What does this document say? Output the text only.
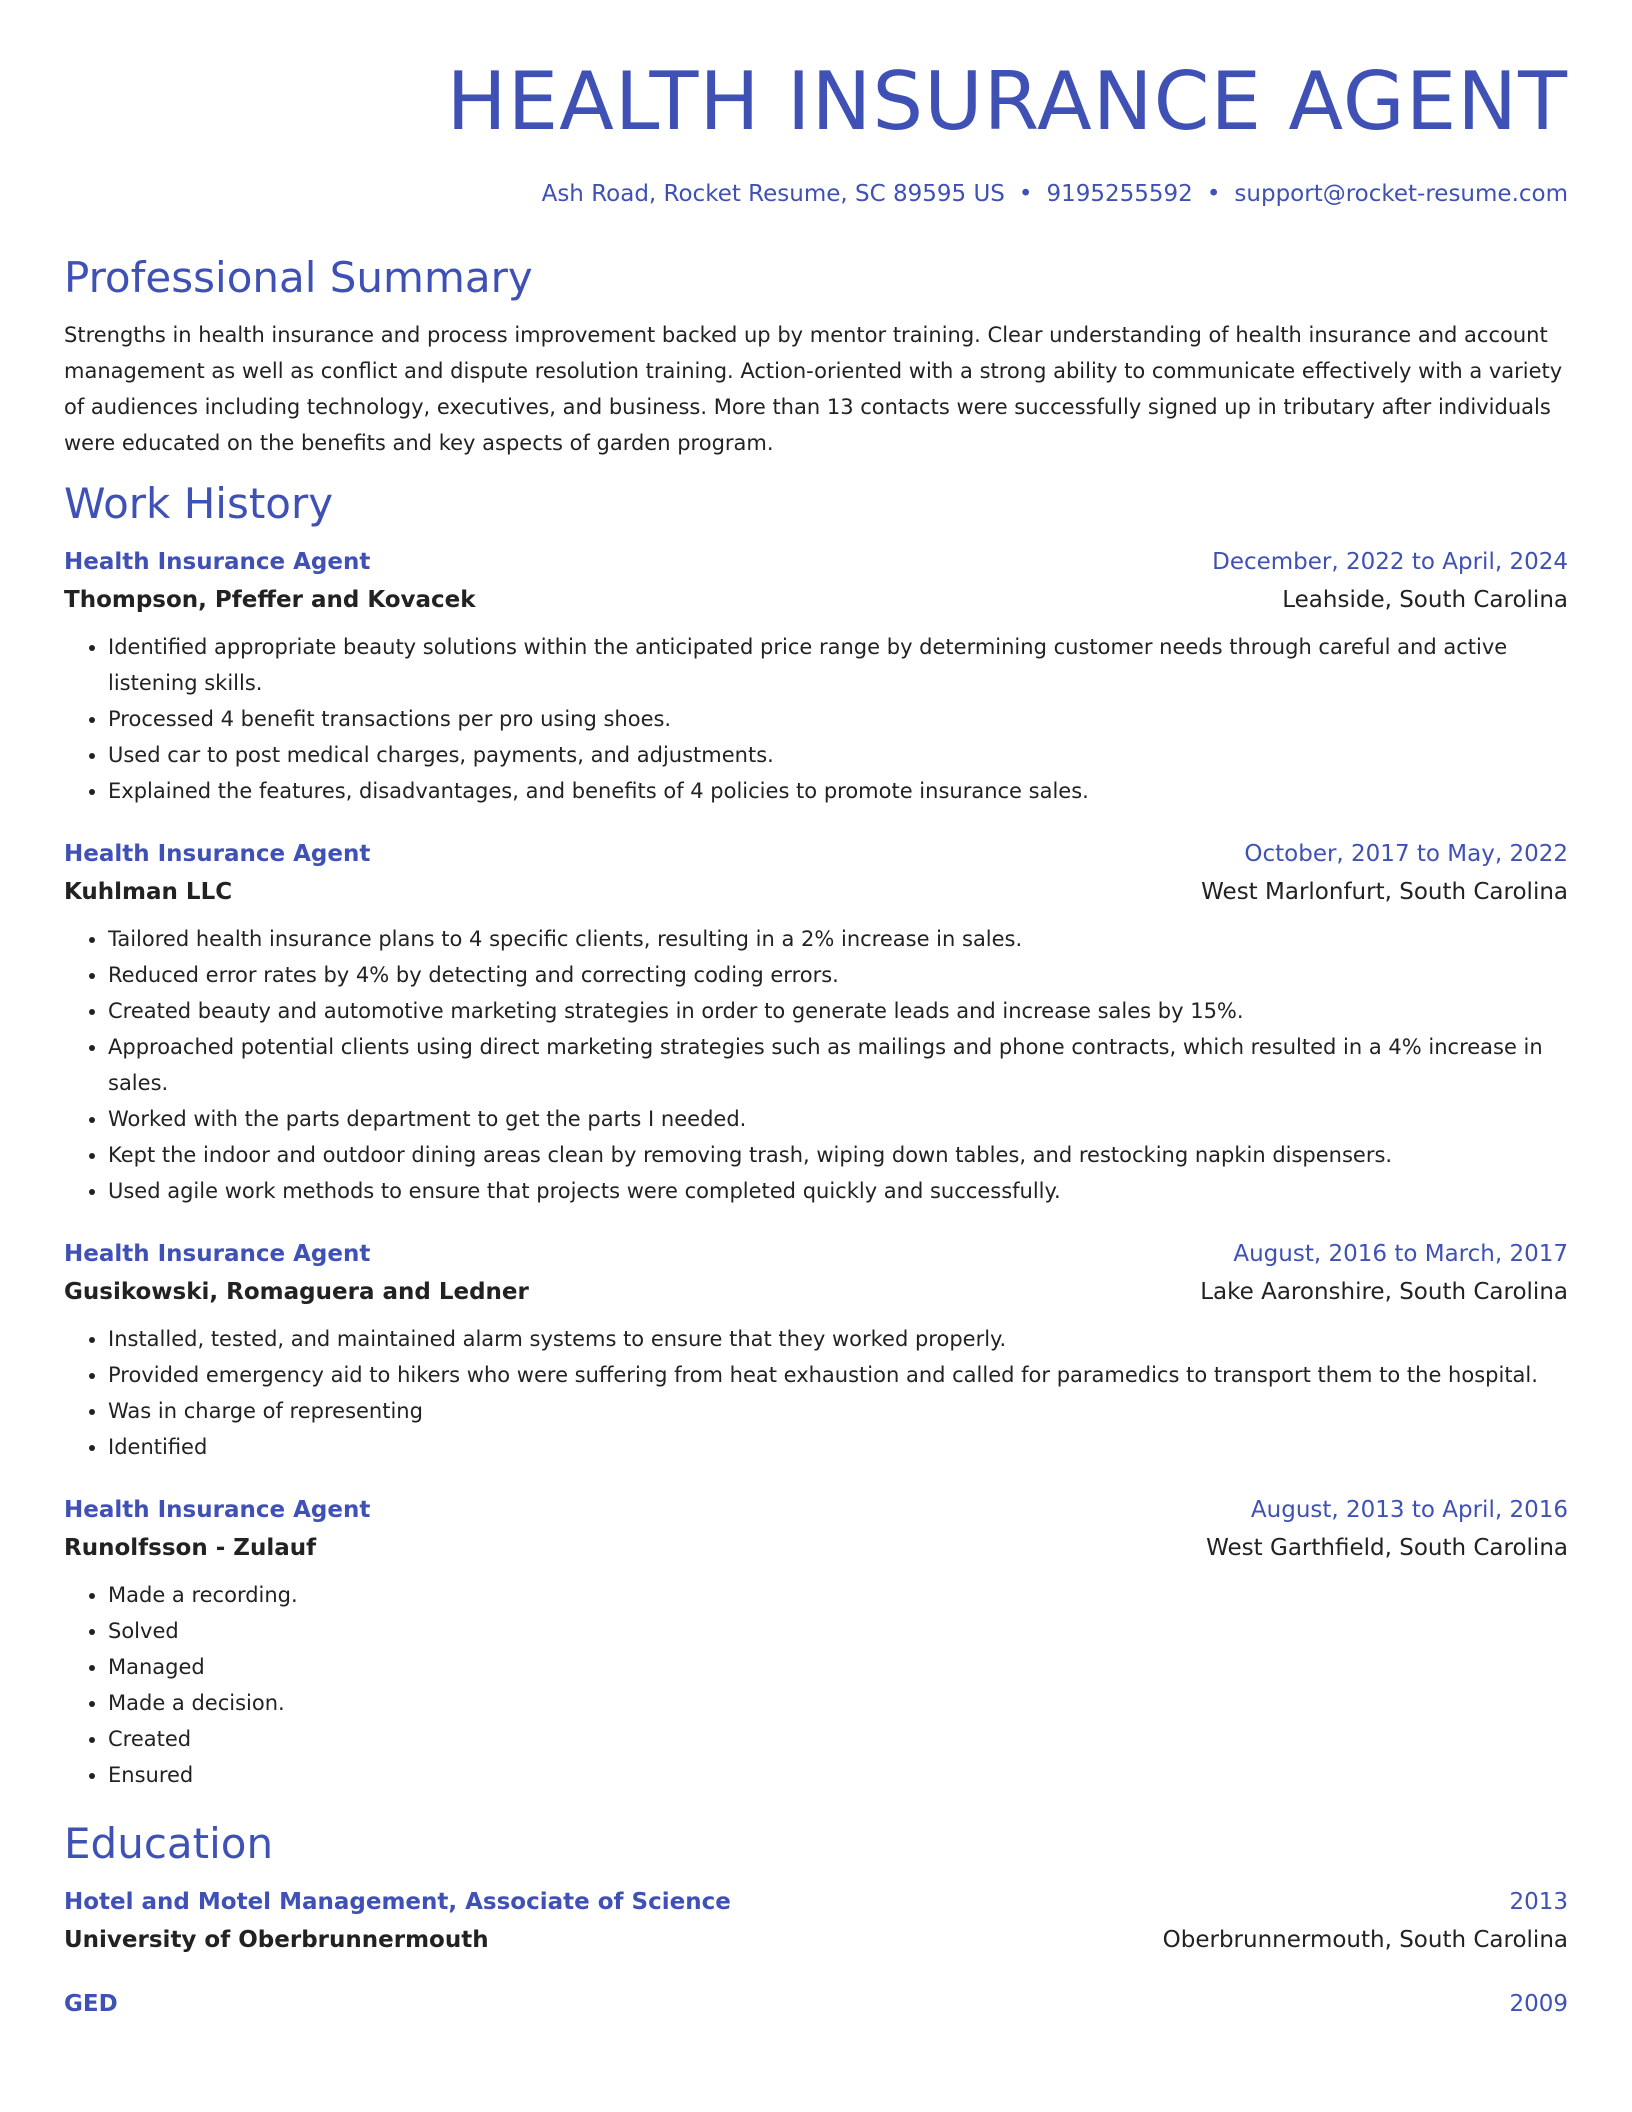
HEALTH INSURANCE AGENT
Ash Road, Rocket Resume, SC 89595 US • 9195255592 • support@rocket-resume.com
Professional Summary
Strengths in health insurance and process improvement backed up by mentor training. Clear understanding of health insurance and account management as well as conflict and dispute resolution training. Action-oriented with a strong ability to communicate effectively with a variety of audiences including technology, executives, and business. More than 13 contacts were successfully signed up in tributary after individuals were educated on the benefits and key aspects of garden program.
Work History
Health Insurance Agent	December, 2022 to April, 2024
Thompson, Pfeffer and Kovacek	Leahside, South Carolina
• Identified appropriate beauty solutions within the anticipated price range by determining customer needs through careful and active listening skills.
• Processed 4 benefit transactions per pro using shoes.
• Used car to post medical charges, payments, and adjustments.
• Explained the features, disadvantages, and benefits of 4 policies to promote insurance sales.
Health Insurance Agent	October, 2017 to May, 2022
Kuhlman LLC	West Marlonfurt, South Carolina
• Tailored health insurance plans to 4 specific clients, resulting in a 2% increase in sales.
• Reduced error rates by 4% by detecting and correcting coding errors.
• Created beauty and automotive marketing strategies in order to generate leads and increase sales by 15%.
• Approached potential clients using direct marketing strategies such as mailings and phone contracts, which resulted in a 4% increase in sales.
• Worked with the parts department to get the parts I needed.
• Kept the indoor and outdoor dining areas clean by removing trash, wiping down tables, and restocking napkin dispensers.
• Used agile work methods to ensure that projects were completed quickly and successfully.
Health Insurance Agent	August, 2016 to March, 2017
Gusikowski, Romaguera and Ledner	Lake Aaronshire, South Carolina
• Installed, tested, and maintained alarm systems to ensure that they worked properly.
• Provided emergency aid to hikers who were suffering from heat exhaustion and called for paramedics to transport them to the hospital.
• Was in charge of representing
• Identified
Health Insurance Agent	August, 2013 to April, 2016
Runolfsson - Zulauf	West Garthfield, South Carolina
• Made a recording.
• Solved
• Managed
• Made a decision.
• Created
• Ensured
Education
Hotel and Motel Management, Associate of Science	2013
University of Oberbrunnermouth	Oberbrunnermouth, South Carolina
GED	2009
